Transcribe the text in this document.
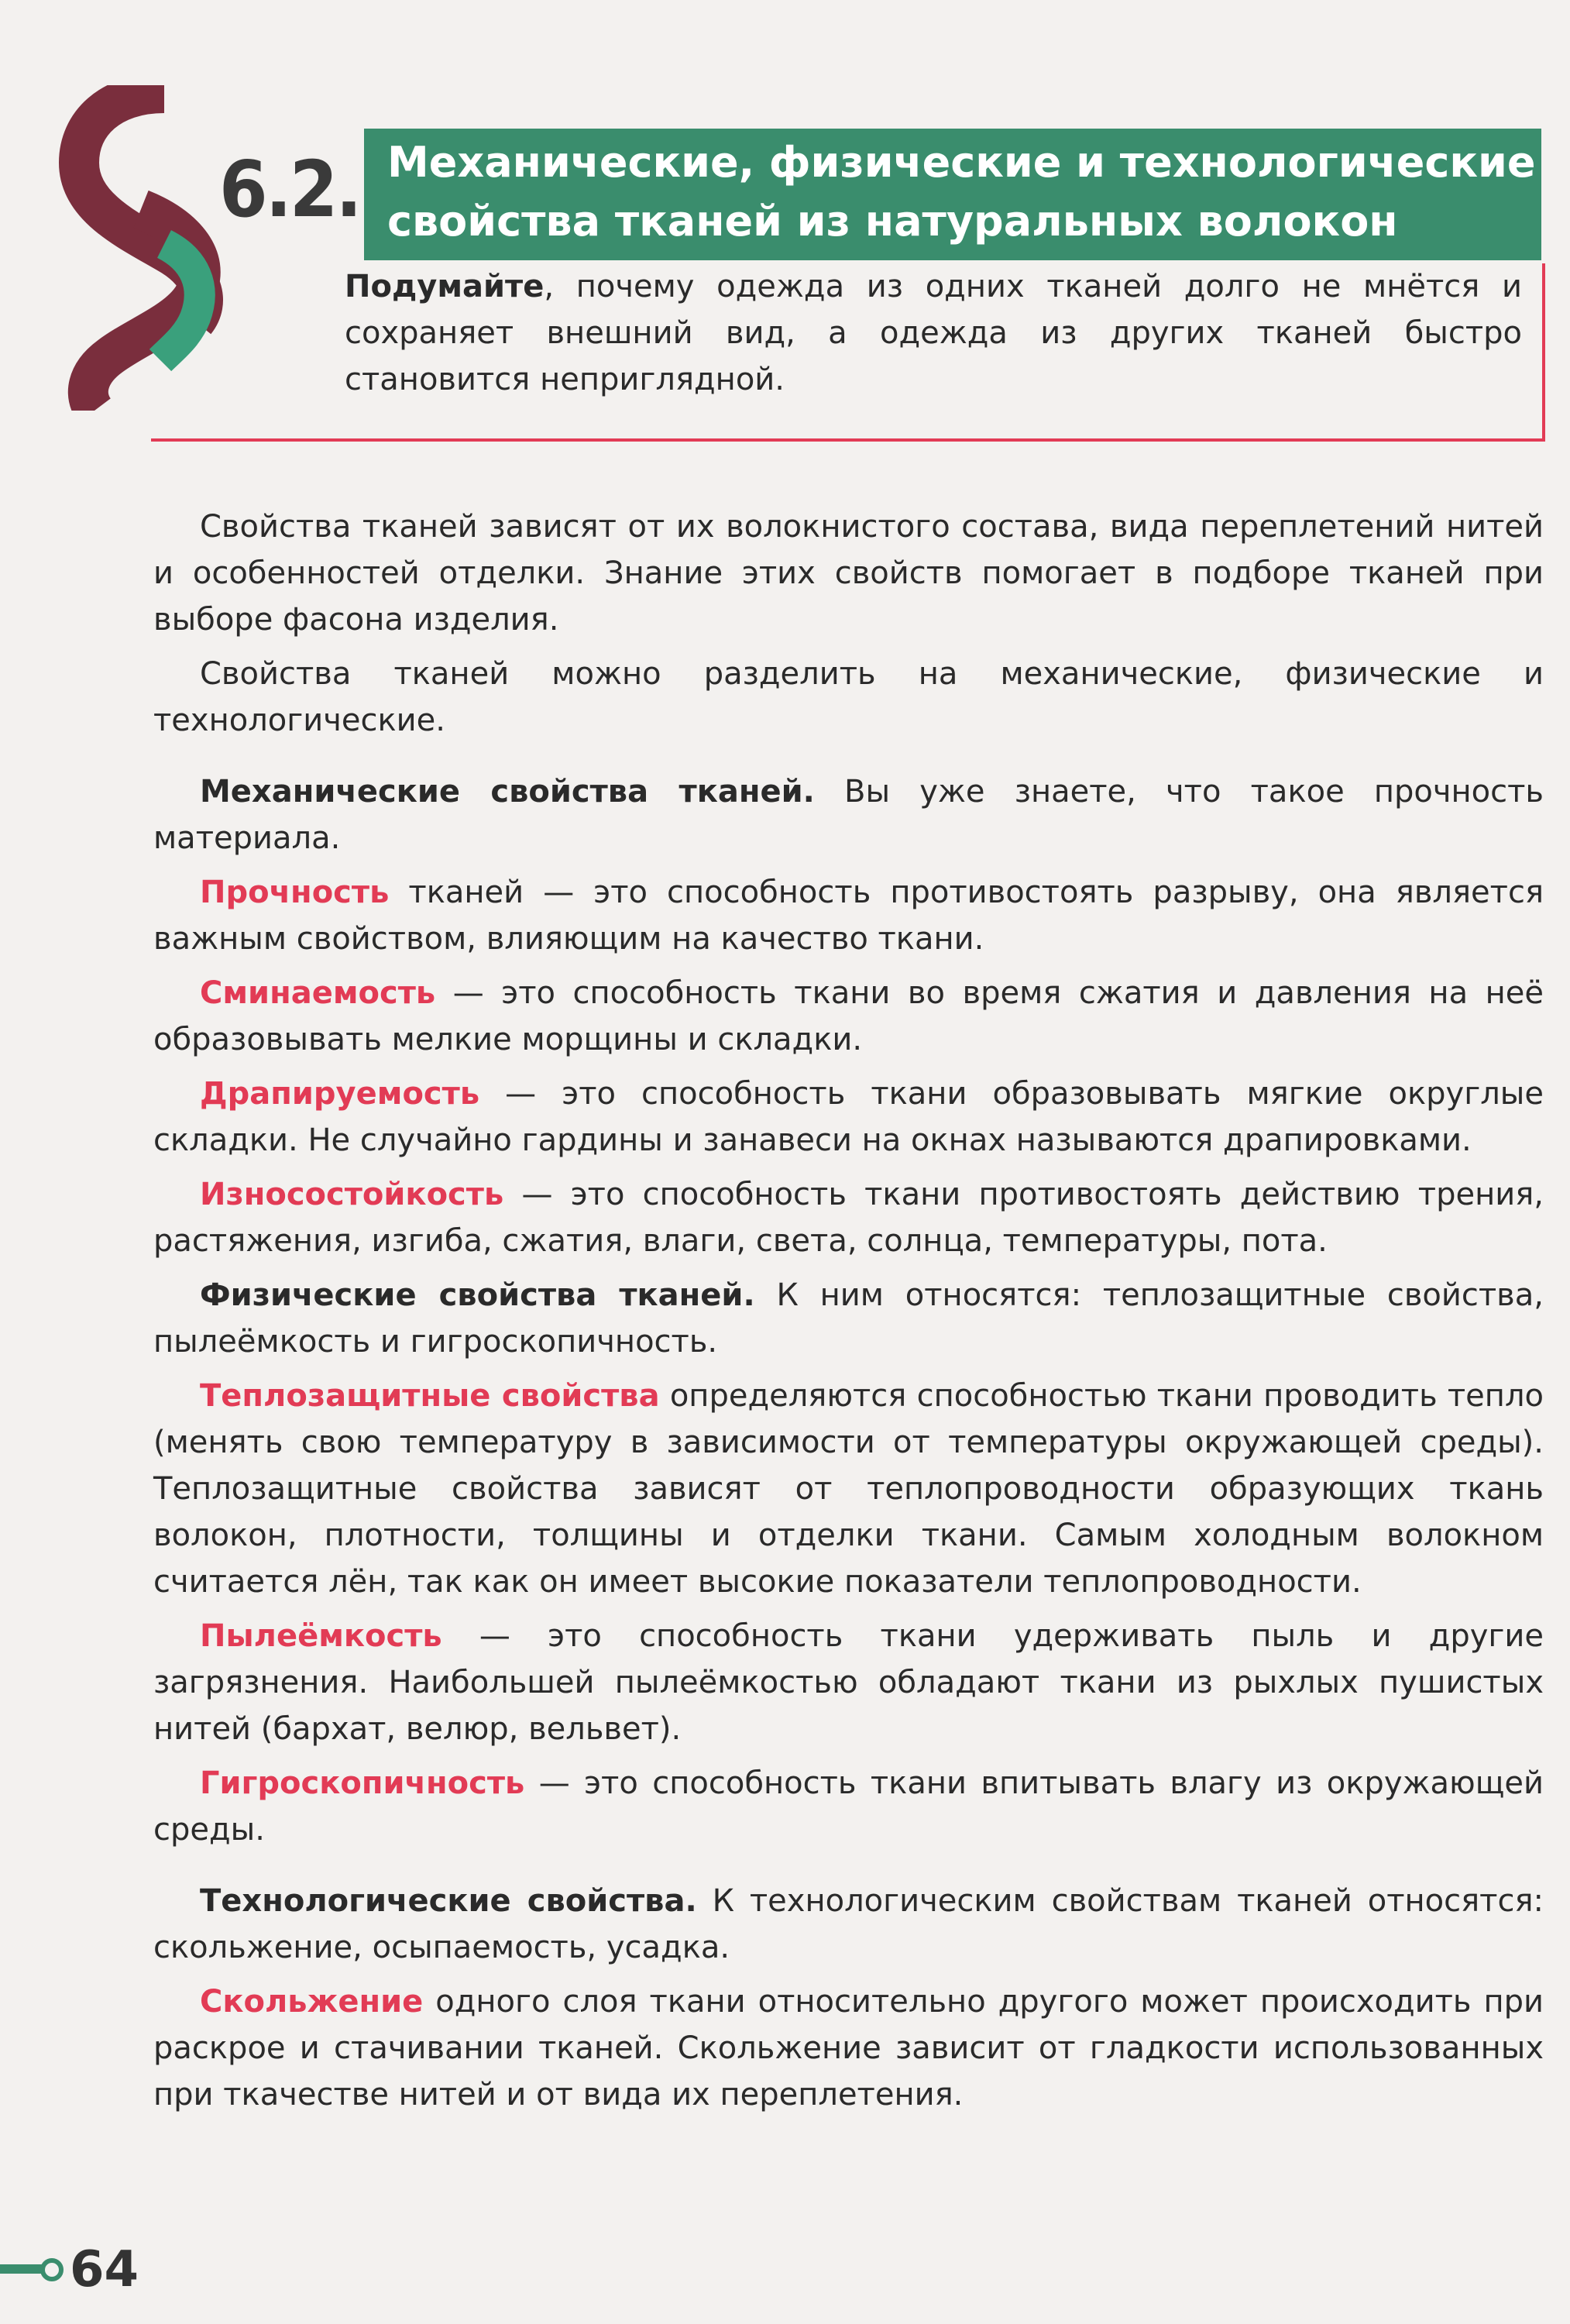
6.2. Механические, физические и технологические
свойства тканей из натуральных волокон

Подумайте, почему одежда из одних тканей долго не мнётся и сохраняет внешний вид, а одежда из других тканей быстро становится неприглядной.

Свойства тканей зависят от их волокнистого состава, вида переплетений нитей и особенностей отделки. Знание этих свойств помогает в подборе тканей при выборе фасона изделия.

Свойства тканей можно разделить на механические, физические и технологические.

Механические свойства тканей. Вы уже знаете, что такое прочность материала.

Прочность тканей — это способность противостоять разрыву, она является важным свойством, влияющим на качество ткани.

Сминаемость — это способность ткани во время сжатия и давления на неё образовывать мелкие морщины и складки.

Драпируемость — это способность ткани образовывать мягкие округлые складки. Не случайно гардины и занавеси на окнах называются драпировками.

Износостойкость — это способность ткани противостоять действию трения, растяжения, изгиба, сжатия, влаги, света, солнца, температуры, пота.

Физические свойства тканей. К ним относятся: теплозащитные свойства, пылеёмкость и гигроскопичность.

Теплозащитные свойства определяются способностью ткани проводить тепло (менять свою температуру в зависимости от температуры окружающей среды). Теплозащитные свойства зависят от теплопроводности образующих ткань волокон, плотности, толщины и отделки ткани. Самым холодным волокном считается лён, так как он имеет высокие показатели теплопроводности.

Пылеёмкость — это способность ткани удерживать пыль и другие загрязнения. Наибольшей пылеёмкостью обладают ткани из рыхлых пушистых нитей (бархат, велюр, вельвет).

Гигроскопичность — это способность ткани впитывать влагу из окружающей среды.

Технологические свойства. К технологическим свойствам тканей относятся: скольжение, осыпаемость, усадка.

Скольжение одного слоя ткани относительно другого может происходить при раскрое и стачивании тканей. Скольжение зависит от гладкости использованных при ткачестве нитей и от вида их переплетения.

64
